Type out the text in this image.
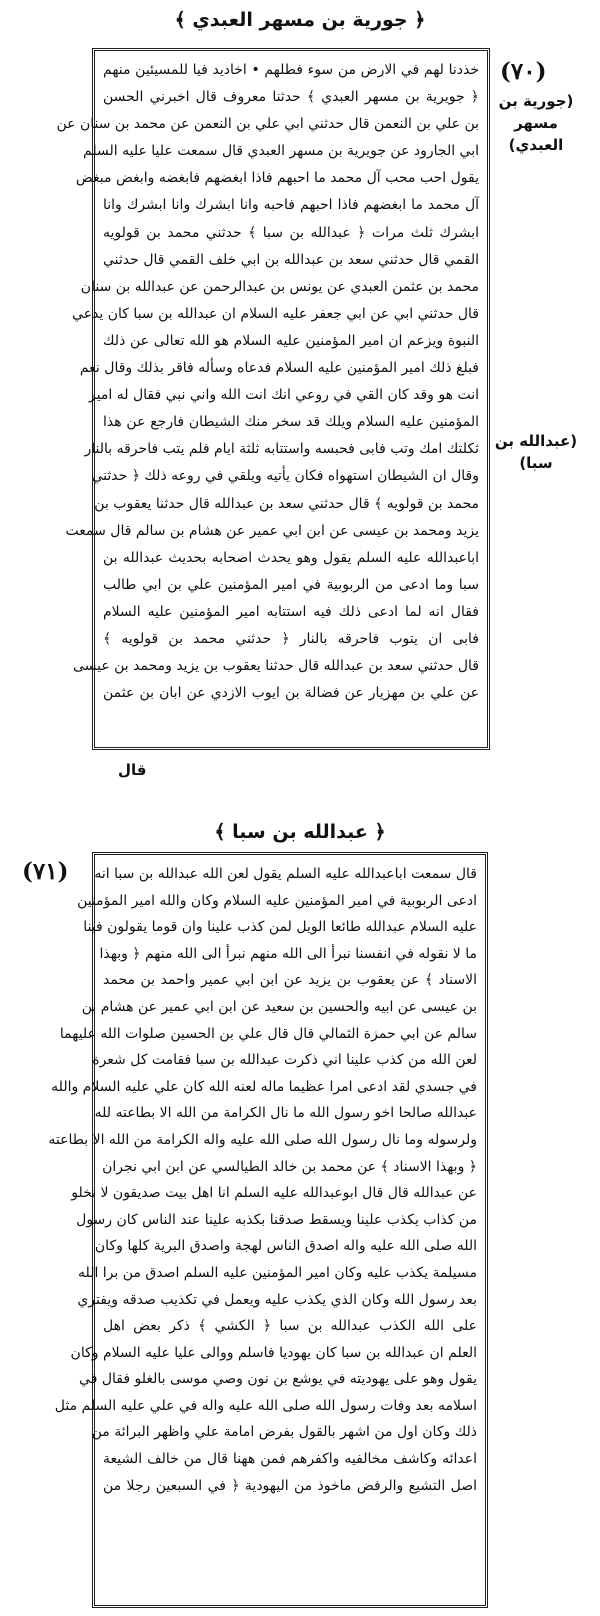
﴿ جورية بن مسهر العبدي ﴾
(٧٠)
(جورية بن مسهر العبدي)
(عبدالله بن سبا)
خذدنا لهم في الارض من سوء فطلهم • اخاديد فيا للمسيئين منهم
﴿ جويرية بن مسهر العبدي ﴾ حدثنا معروف قال اخبرني الحسن
بن علي بن النعمن قال حدثني ابي علي بن النعمن عن محمد بن سنان عن
ابي الجارود عن جويرية بن مسهر العبدي قال سمعت عليا عليه السلم
يقول احب محب آل محمد ما احبهم فاذا ابغضهم فابغضه وابغض مبغض
آل محمد ما ابغضهم فاذا احبهم فاحبه وانا ابشرك وانا ابشرك وانا
ابشرك ثلث مرات ﴿ عبدالله بن سبا ﴾ حدثني محمد بن قولويه
القمي قال حدثني سعد بن عبدالله بن ابي خلف القمي قال حدثني
محمد بن عثمن العبدي عن يونس بن عبدالرحمن عن عبدالله بن سنان
قال حدثني ابي عن ابي جعفر عليه السلام ان عبدالله بن سبا كان يدعي
النبوة ويزعم ان امير المؤمنين عليه السلام هو الله تعالى عن ذلك
فبلغ ذلك امير المؤمنين عليه السلام فدعاه وسأله فاقر بذلك وقال نعم
انت هو وقد كان القي في روعي انك انت الله واني نبي فقال له امير
المؤمنين عليه السلام ويلك قد سخر منك الشيطان فارجع عن هذا
ثكلتك امك وتب فابى فحبسه واستتابه ثلثة ايام فلم يتب فاحرقه بالنار
وقال ان الشيطان استهواه فكان يأتيه ويلقي في روعه ذلك ﴿ حدثني
محمد بن قولويه ﴾ قال حدثني سعد بن عبدالله قال حدثنا يعقوب بن
يزيد ومحمد بن عيسى عن ابن ابي عمير عن هشام بن سالم قال سمعت
اباعبدالله عليه السلم يقول وهو يحدث اصحابه بحديث عبدالله بن
سبا وما ادعى من الربوبية في امير المؤمنين علي بن ابي طالب
فقال انه لما ادعى ذلك فيه استتابه امير المؤمنين عليه السلام
فابى ان يتوب فاحرقه بالنار ﴿ حدثني محمد بن قولويه ﴾
قال حدثني سعد بن عبدالله قال حدثنا يعقوب بن يزيد ومحمد بن عيسى
عن علي بن مهزيار عن فضالة بن ايوب الازدي عن ابان بن عثمن
قال
﴿ عبدالله بن سبا ﴾
(٧١) قال سمعت اباعبدالله عليه السلم يقول لعن الله عبدالله بن سبا انه
ادعى الربوبية في امير المؤمنين عليه السلام وكان والله امير المؤمنين
عليه السلام عبدالله طائعا الويل لمن كذب علينا وان قوما يقولون فينا
ما لا نقوله في انفسنا نبرأ الى الله منهم نبرأ الى الله منهم ﴿ وبهذا
الاسناد ﴾ عن يعقوب بن يزيد عن ابن ابي عمير واحمد بن محمد
بن عيسى عن ابيه والحسين بن سعيد عن ابن ابي عمير عن هشام بن
سالم عن ابي حمزة الثمالي قال قال علي بن الحسين صلوات الله عليهما
لعن الله من كذب علينا اني ذكرت عبدالله بن سبا فقامت كل شعرة
في جسدي لقد ادعى امرا عظيما ماله لعنه الله كان علي عليه السلام والله
عبدالله صالحا اخو رسول الله ما نال الكرامة من الله الا بطاعته لله
ولرسوله وما نال رسول الله صلى الله عليه واله الكرامة من الله الا بطاعته
﴿ وبهذا الاسناد ﴾ عن محمد بن خالد الطيالسي عن ابن ابي نجران
عن عبدالله قال قال ابوعبدالله عليه السلم انا اهل بيت صديقون لا نخلو
من كذاب يكذب علينا ويسقط صدقنا بكذبه علينا عند الناس كان رسول
الله صلى الله عليه واله اصدق الناس لهجة واصدق البرية كلها وكان
مسيلمة يكذب عليه وكان امير المؤمنين عليه السلم اصدق من برا الله
بعد رسول الله وكان الذي يكذب عليه ويعمل في تكذيب صدقه ويفتري
على الله الكذب عبدالله بن سبا ﴿ الكشي ﴾ ذكر بعض اهل
العلم ان عبدالله بن سبا كان يهوديا فاسلم ووالى عليا عليه السلام وكان
يقول وهو على يهوديته في يوشع بن نون وصي موسى بالغلو فقال في
اسلامه بعد وفات رسول الله صلى الله عليه واله في علي عليه السلم مثل
ذلك وكان اول من اشهر بالقول بفرض امامة علي واظهر البرائة من
اعدائه وكاشف مخالفيه واكفرهم فمن ههنا قال من خالف الشيعة
اصل التشيع والرفض ماخوذ من اليهودية ﴿ في السبعين رجلا من
